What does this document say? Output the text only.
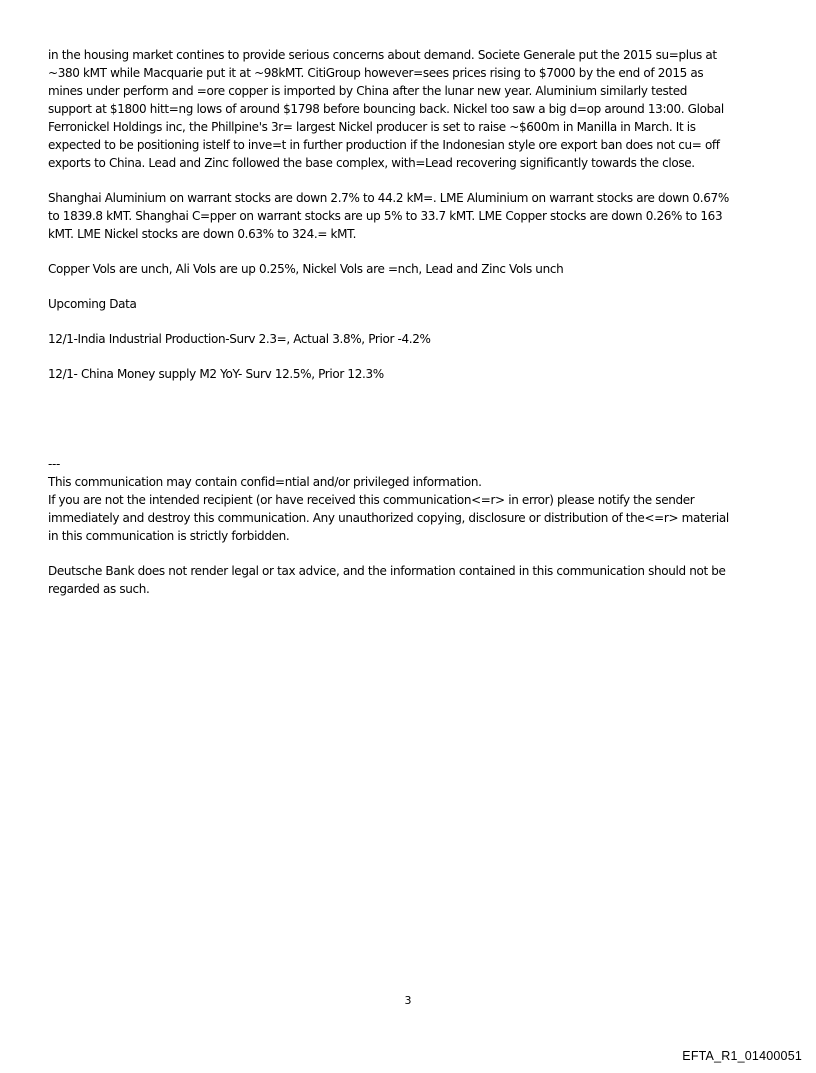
in the housing market contines to provide serious concerns about demand. Societe Generale put the 2015 su=plus at
~380 kMT while Macquarie put it at ~98kMT. CitiGroup however=sees prices rising to $7000 by the end of 2015 as
mines under perform and =ore copper is imported by China after the lunar new year. Aluminium similarly tested
support at $1800 hitt=ng lows of around $1798 before bouncing back. Nickel too saw a big d=op around 13:00. Global
Ferronickel Holdings inc, the Phillpine's 3r= largest Nickel producer is set to raise ~$600m in Manilla in March. It is
expected to be positioning istelf to inve=t in further production if the Indonesian style ore export ban does not cu= off
exports to China. Lead and Zinc followed the base complex, with=Lead recovering significantly towards the close.

Shanghai Aluminium on warrant stocks are down 2.7% to 44.2 kM=. LME Aluminium on warrant stocks are down 0.67%
to 1839.8 kMT. Shanghai C=pper on warrant stocks are up 5% to 33.7 kMT. LME Copper stocks are down 0.26% to 163
kMT. LME Nickel stocks are down 0.63% to 324.= kMT.

Copper Vols are unch, Ali Vols are up 0.25%, Nickel Vols are =nch, Lead and Zinc Vols unch

Upcoming Data

12/1-India Industrial Production-Surv 2.3=, Actual 3.8%, Prior -4.2%

12/1- China Money supply M2 YoY- Surv 12.5%, Prior 12.3%

---

This communication may contain confid=ntial and/or privileged information.
If you are not the intended recipient (or have received this communication<=r> in error) please notify the sender
immediately and destroy this communication. Any unauthorized copying, disclosure or distribution of the<=r> material
in this communication is strictly forbidden.

Deutsche Bank does not render legal or tax advice, and the information contained in this communication should not be
regarded as such.

3
EFTA_R1_01400051
